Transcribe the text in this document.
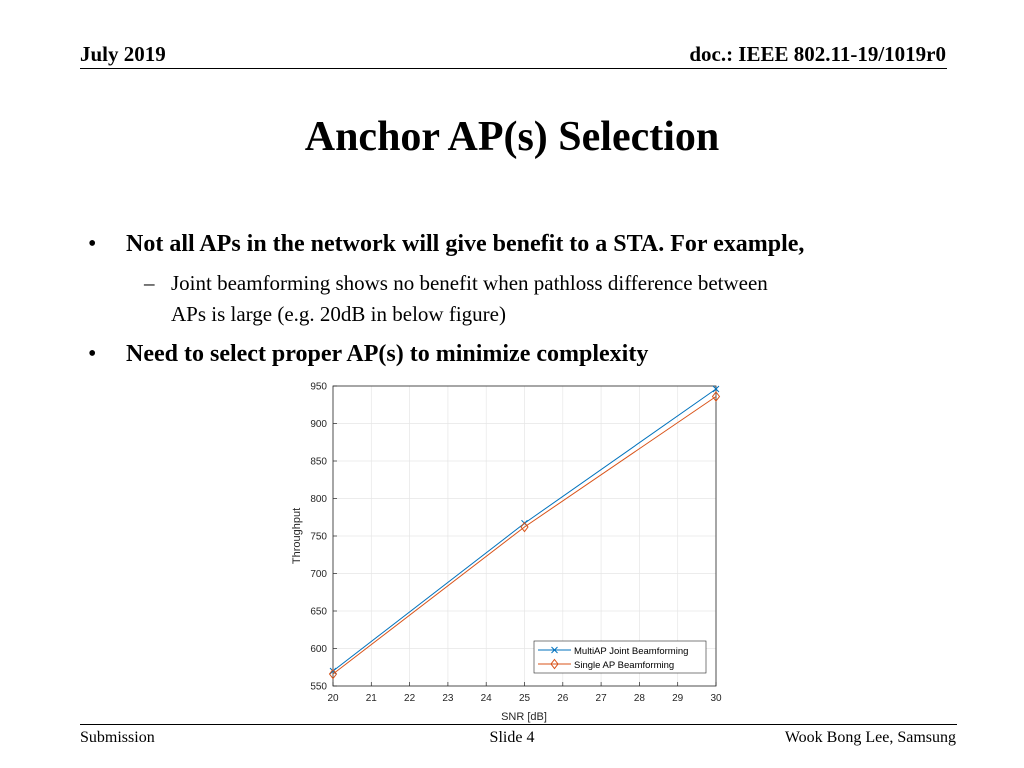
July 2019	doc.: IEEE 802.11-19/1019r0
Anchor AP(s) Selection
• Not all APs in the network will give benefit to a STA. For example,
– Joint beamforming shows no benefit when pathloss difference between
APs is large (e.g. 20dB in below figure)
• Need to select proper AP(s) to minimize complexity
20	21	22	23	24	25	26	27	28	29	30
550
600
650
700
750
800
850
900
950
SNR [dB]
Throughput
MultiAP Joint Beamforming
Single AP Beamforming
Submission	Slide 4	Wook Bong Lee, Samsung
